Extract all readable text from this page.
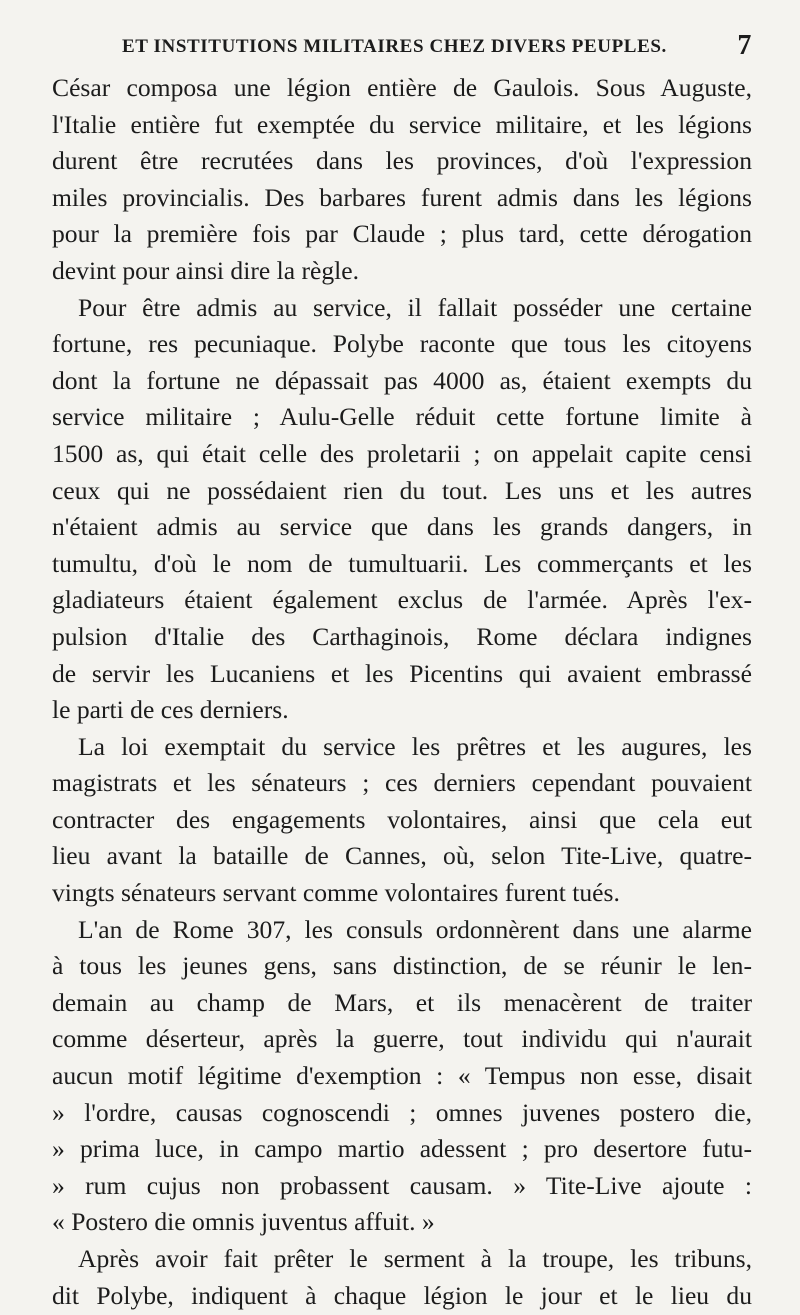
ET INSTITUTIONS MILITAIRES CHEZ DIVERS PEUPLES.	7

César composa une légion entière de Gaulois. Sous Auguste,
l'Italie entière fut exemptée du service militaire, et les légions
durent être recrutées dans les provinces, d'où l'expression
miles provincialis. Des barbares furent admis dans les légions
pour la première fois par Claude ; plus tard, cette dérogation
devint pour ainsi dire la règle.

Pour être admis au service, il fallait posséder une certaine
fortune, res pecuniaque. Polybe raconte que tous les citoyens
dont la fortune ne dépassait pas 4000 as, étaient exempts du
service militaire ; Aulu-Gelle réduit cette fortune limite à
1500 as, qui était celle des proletarii ; on appelait capite censi
ceux qui ne possédaient rien du tout. Les uns et les autres
n'étaient admis au service que dans les grands dangers, in
tumultu, d'où le nom de tumultuarii. Les commerçants et les
gladiateurs étaient également exclus de l'armée. Après l'ex-
pulsion d'Italie des Carthaginois, Rome déclara indignes
de servir les Lucaniens et les Picentins qui avaient embrassé
le parti de ces derniers.

La loi exemptait du service les prêtres et les augures, les
magistrats et les sénateurs ; ces derniers cependant pouvaient
contracter des engagements volontaires, ainsi que cela eut
lieu avant la bataille de Cannes, où, selon Tite-Live, quatre-
vingts sénateurs servant comme volontaires furent tués.

L'an de Rome 307, les consuls ordonnèrent dans une alarme
à tous les jeunes gens, sans distinction, de se réunir le len-
demain au champ de Mars, et ils menacèrent de traiter
comme déserteur, après la guerre, tout individu qui n'aurait
aucun motif légitime d'exemption : « Tempus non esse, disait
» l'ordre, causas cognoscendi ; omnes juvenes postero die,
» prima luce, in campo martio adessent ; pro desertore futu-
» rum cujus non probassent causam. » Tite-Live ajoute :
« Postero die omnis juventus affuit. »

Après avoir fait prêter le serment à la troupe, les tribuns,
dit Polybe, indiquent à chaque légion le jour et le lieu du
